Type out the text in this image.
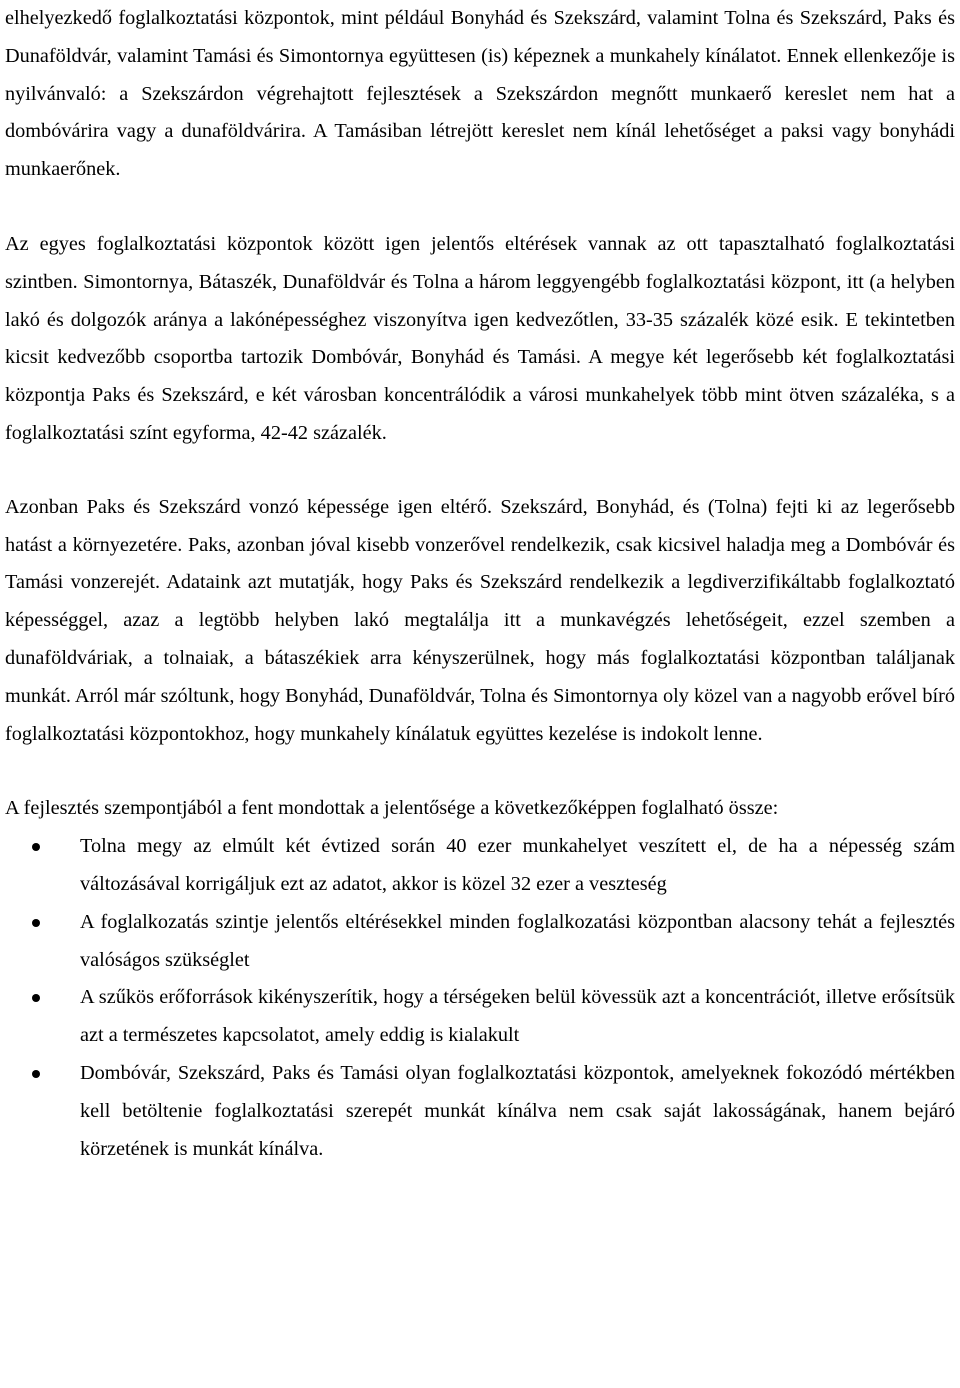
elhelyezkedő foglalkoztatási központok, mint például Bonyhád és Szekszárd, valamint Tolna és Szekszárd, Paks és Dunaföldvár, valamint Tamási és Simontornya együttesen (is) képeznek a munkahely kínálatot. Ennek ellenkezője is nyilvánvaló: a Szekszárdon végrehajtott fejlesztések a Szekszárdon megnőtt munkaerő kereslet nem hat a dombóvárira vagy a dunaföldvárira. A Tamásiban létrejött kereslet nem kínál lehetőséget a paksi vagy bonyhádi munkaerőnek.

Az egyes foglalkoztatási központok között igen jelentős eltérések vannak az ott tapasztalható foglalkoztatási szintben. Simontornya, Bátaszék, Dunaföldvár és Tolna a három leggyengébb foglalkoztatási központ, itt (a helyben lakó és dolgozók aránya a lakónépességhez viszonyítva igen kedvezőtlen, 33-35 százalék közé esik. E tekintetben kicsit kedvezőbb csoportba tartozik Dombóvár, Bonyhád és Tamási. A megye két legerősebb két foglalkoztatási központja Paks és Szekszárd, e két városban koncentrálódik a városi munkahelyek több mint ötven százaléka, s a foglalkoztatási színt egyforma, 42-42 százalék.

Azonban Paks és Szekszárd vonzó képessége igen eltérő. Szekszárd, Bonyhád, és (Tolna) fejti ki az legerősebb hatást a környezetére. Paks, azonban jóval kisebb vonzerővel rendelkezik, csak kicsivel haladja meg a Dombóvár és Tamási vonzerejét. Adataink azt mutatják, hogy Paks és Szekszárd rendelkezik a legdiverzifikáltabb foglalkoztató képességgel, azaz a legtöbb helyben lakó megtalálja itt a munkavégzés lehetőségeit, ezzel szemben a dunaföldváriak, a tolnaiak, a bátaszékiek arra kényszerülnek, hogy más foglalkoztatási központban találjanak munkát. Arról már szóltunk, hogy Bonyhád, Dunaföldvár, Tolna és Simontornya oly közel van a nagyobb erővel bíró foglalkoztatási központokhoz, hogy munkahely kínálatuk együttes kezelése is indokolt lenne.

A fejlesztés szempontjából a fent mondottak a jelentősége a következőképpen foglalható össze:

Tolna megy az elmúlt két évtized során 40 ezer munkahelyet veszített el, de ha a népesség szám változásával korrigáljuk ezt az adatot, akkor is közel 32 ezer a veszteség
A foglalkozatás szintje jelentős eltérésekkel minden foglalkozatási központban alacsony tehát a fejlesztés valóságos szükséglet
A szűkös erőforrások kikényszerítik, hogy a térségeken belül kövessük azt a koncentrációt, illetve erősítsük azt a természetes kapcsolatot, amely eddig is kialakult
Dombóvár, Szekszárd, Paks és Tamási olyan foglalkoztatási központok, amelyeknek fokozódó mértékben kell betöltenie foglalkoztatási szerepét munkát kínálva nem csak saját lakosságának, hanem bejáró körzetének is munkát kínálva.
